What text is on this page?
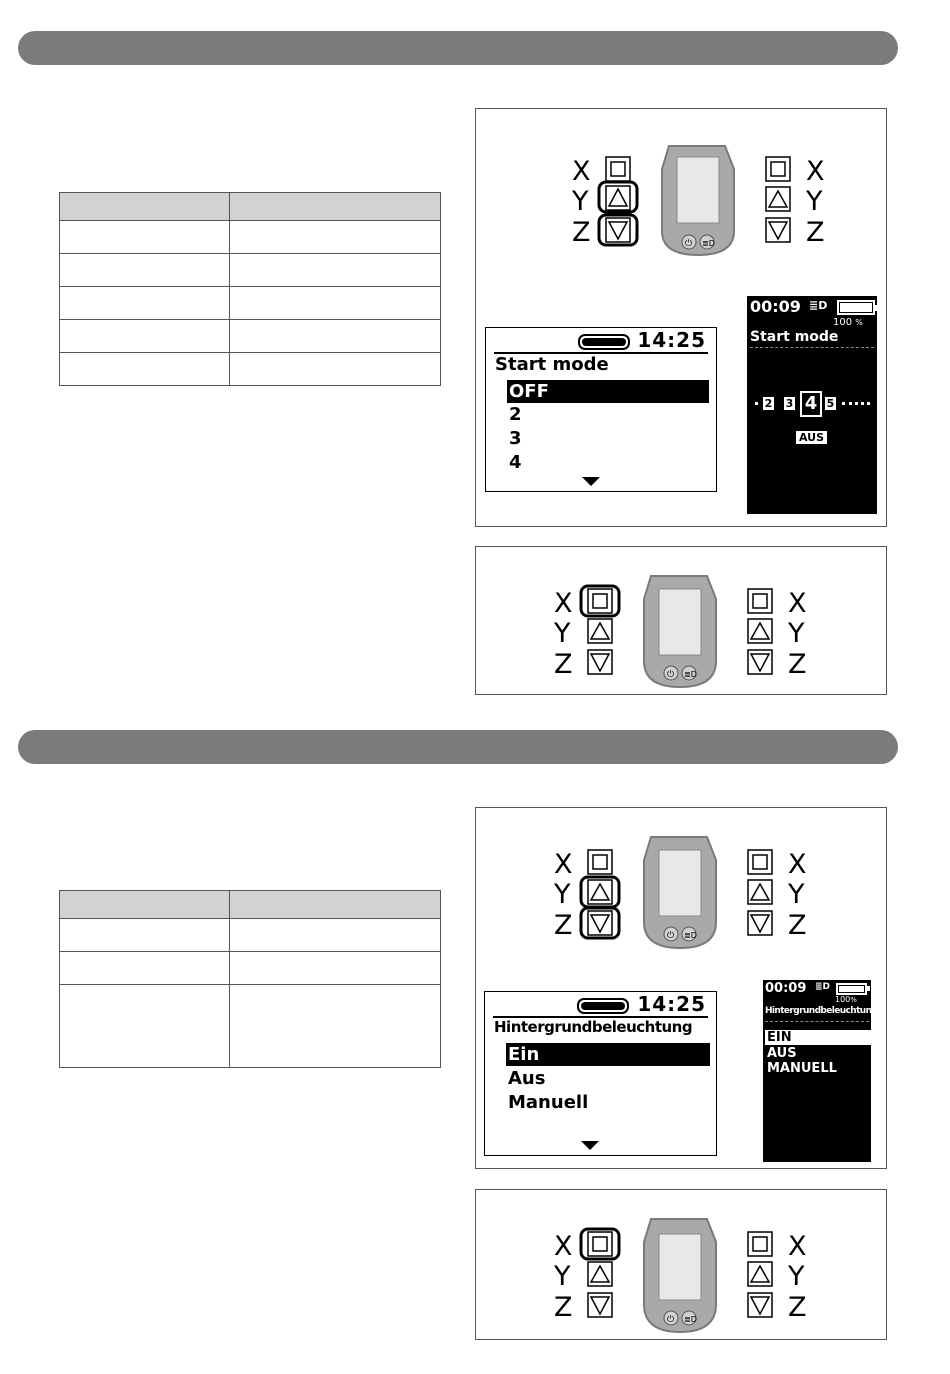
X
Y
Z	⏻ ≣D
X
Y
Z
14:25
Start mode
OFF
2
3
4
00:09 ≣D
100 %
Start mode
2 3 4 5
AUS
X
Y
Z	⏻ ≣D
X
Y
Z
X
Y
Z	⏻ ≣D
X
Y
Z
14:25
Hintergrundbeleuchtung
Ein
Aus
Manuell
00:09 ≣D
100%
Hintergrundbeleuchtung
EIN
AUS
MANUELL
X
Y
Z	⏻ ≣D
X
Y
Z
